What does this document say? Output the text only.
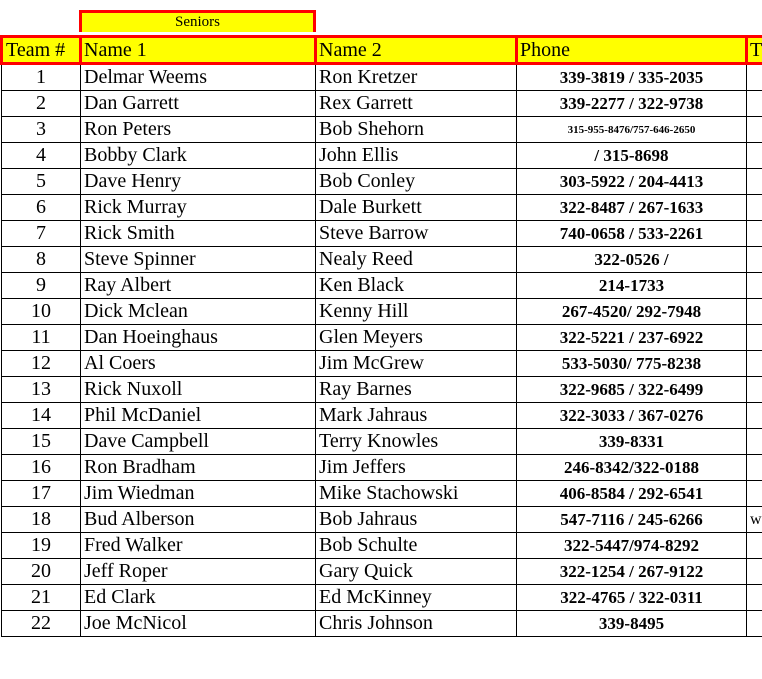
Seniors
Team #	Name 1	Name 2	Phone	T
1	Delmar Weems	Ron Kretzer	339-3819 / 335-2035	
2	Dan Garrett	Rex Garrett	339-2277 / 322-9738	
3	Ron Peters	Bob Shehorn	315-955-8476/757-646-2650	
4	Bobby Clark	John Ellis	/ 315-8698	
5	Dave Henry	Bob Conley	303-5922 / 204-4413	
6	Rick Murray	Dale Burkett	322-8487 / 267-1633	
7	Rick Smith	Steve Barrow	740-0658 / 533-2261	
8	Steve Spinner	Nealy Reed	322-0526 /	
9	Ray Albert	Ken Black	214-1733	
10	Dick Mclean	Kenny Hill	267-4520/ 292-7948	
11	Dan Hoeinghaus	Glen Meyers	322-5221 / 237-6922	
12	Al Coers	Jim McGrew	533-5030/ 775-8238	
13	Rick Nuxoll	Ray Barnes	322-9685 / 322-6499	
14	Phil McDaniel	Mark Jahraus	322-3033 / 367-0276	
15	Dave Campbell	Terry Knowles	339-8331	
16	Ron Bradham	Jim Jeffers	246-8342/322-0188	
17	Jim Wiedman	Mike Stachowski	406-8584 / 292-6541	
18	Bud Alberson	Bob Jahraus	547-7116 / 245-6266	w
19	Fred Walker	Bob Schulte	322-5447/974-8292	
20	Jeff Roper	Gary Quick	322-1254 / 267-9122	
21	Ed Clark	Ed McKinney	322-4765 / 322-0311	
22	Joe McNicol	Chris Johnson	339-8495	
